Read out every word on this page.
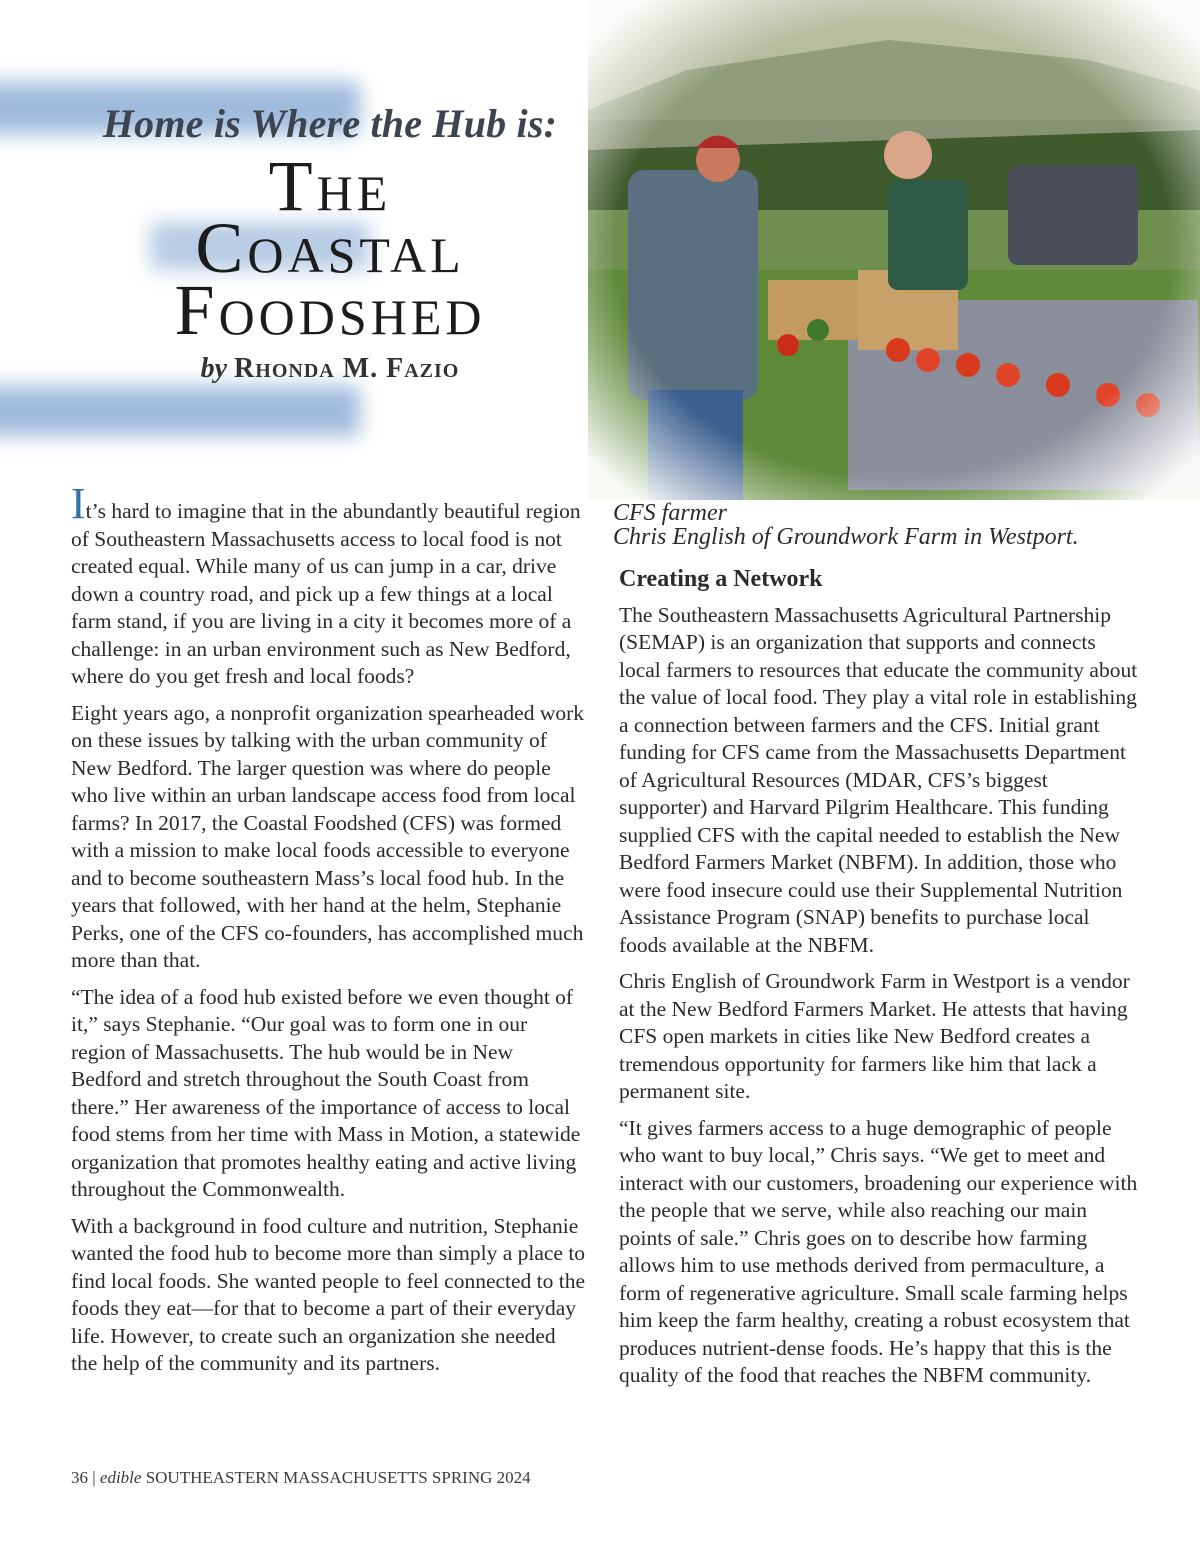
Home is Where the Hub is:
The
Coastal
Foodshed
by Rhonda M. Fazio
CFS farmer
Chris English of Groundwork Farm in Westport.

It’s hard to imagine that in the abundantly beautiful region of Southeastern Massachusetts access to local food is not created equal. While many of us can jump in a car, drive down a country road, and pick up a few things at a local farm stand, if you are living in a city it becomes more of a challenge: in an urban environment such as New Bedford, where do you get fresh and local foods?

Eight years ago, a nonprofit organization spearheaded work on these issues by talking with the urban community of New Bedford. The larger question was where do people who live within an urban landscape access food from local farms? In 2017, the Coastal Foodshed (CFS) was formed with a mission to make local foods accessible to everyone and to become southeastern Mass’s local food hub. In the years that followed, with her hand at the helm, Stephanie Perks, one of the CFS co-founders, has accomplished much more than that.

“The idea of a food hub existed before we even thought of it,” says Stephanie. “Our goal was to form one in our region of Massachusetts. The hub would be in New Bedford and stretch throughout the South Coast from there.” Her awareness of the importance of access to local food stems from her time with Mass in Motion, a statewide organization that promotes healthy eating and active living throughout the Commonwealth.

With a background in food culture and nutrition, Stephanie wanted the food hub to become more than simply a place to find local foods. She wanted people to feel connected to the foods they eat—for that to become a part of their everyday life. However, to create such an organization she needed the help of the community and its partners.

Creating a Network

The Southeastern Massachusetts Agricultural Partnership (SEMAP) is an organization that supports and connects local farmers to resources that educate the community about the value of local food. They play a vital role in establishing a connection between farmers and the CFS. Initial grant funding for CFS came from the Massachusetts Department of Agricultural Resources (MDAR, CFS’s biggest supporter) and Harvard Pilgrim Healthcare. This funding supplied CFS with the capital needed to establish the New Bedford Farmers Market (NBFM). In addition, those who were food insecure could use their Supplemental Nutrition Assistance Program (SNAP) benefits to purchase local foods available at the NBFM.

Chris English of Groundwork Farm in Westport is a vendor at the New Bedford Farmers Market. He attests that having CFS open markets in cities like New Bedford creates a tremendous opportunity for farmers like him that lack a permanent site.

“It gives farmers access to a huge demographic of people who want to buy local,” Chris says. “We get to meet and interact with our customers, broadening our experience with the people that we serve, while also reaching our main points of sale.” Chris goes on to describe how farming allows him to use methods derived from permaculture, a form of regenerative agriculture. Small scale farming helps him keep the farm healthy, creating a robust ecosystem that produces nutrient-dense foods. He’s happy that this is the quality of the food that reaches the NBFM community.

36 | edible SOUTHEASTERN MASSACHUSETTS SPRING 2024
